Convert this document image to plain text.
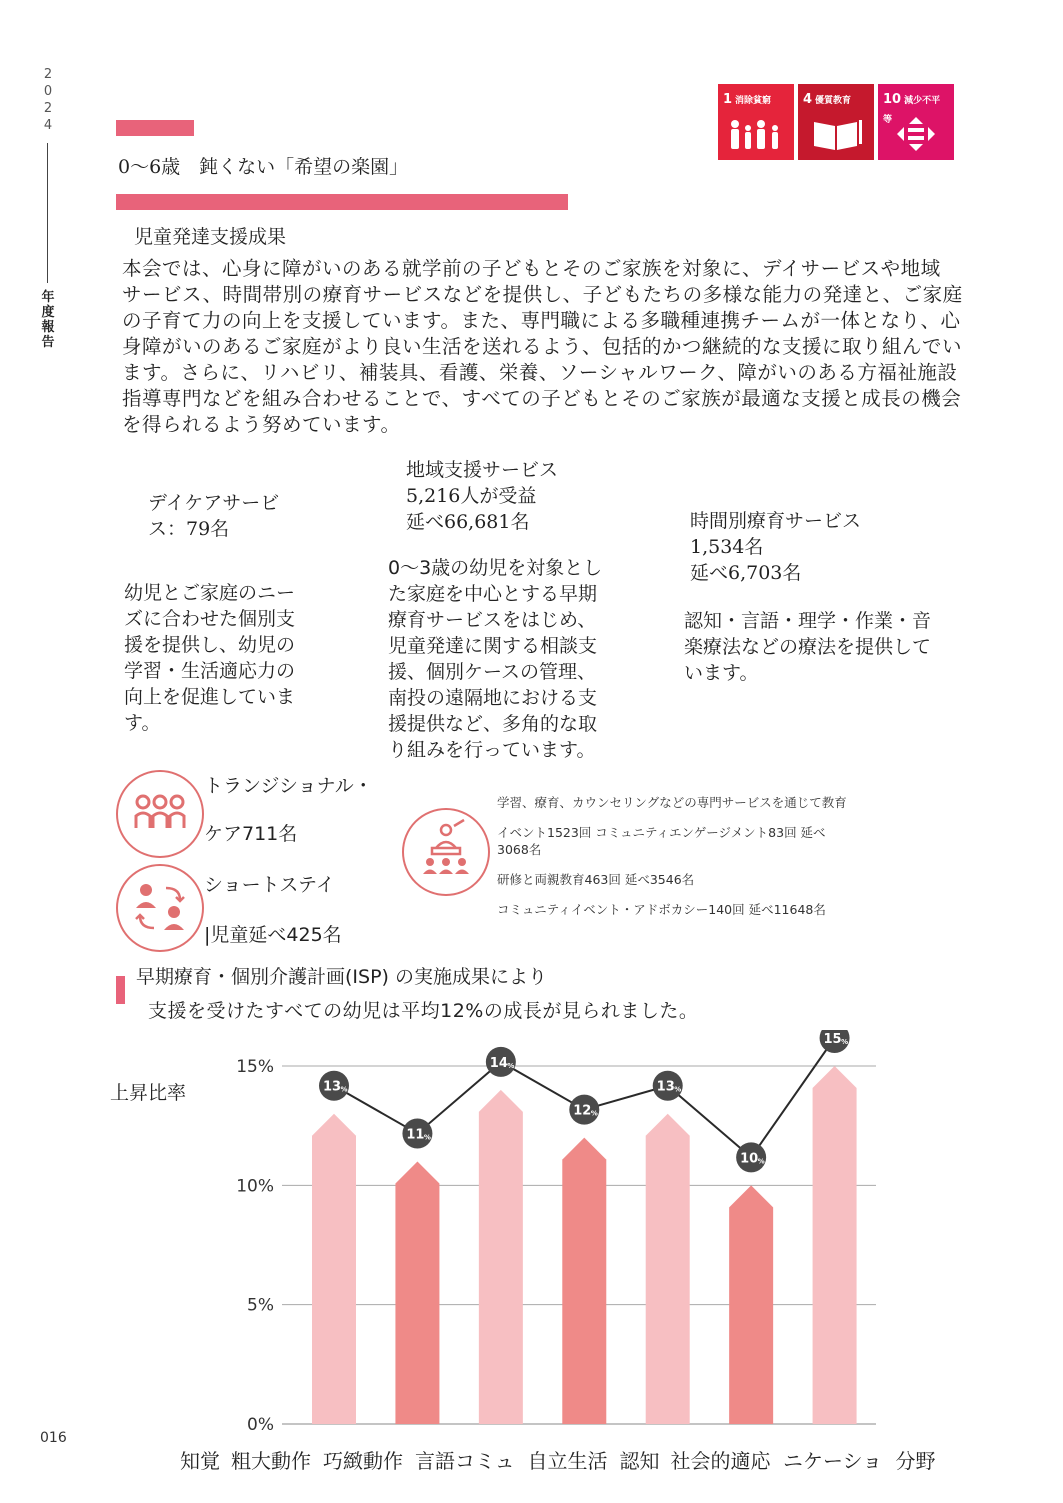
2
0
2
4
年
度
報
告
016
1 消除貧窮	4 優質教育	10 減少不平等
0〜6歳　鈍くない「希望の楽園」
児童発達支援成果
本会では、心身に障がいのある就学前の子どもとそのご家族を対象に、デイサービスや地域
サービス、時間帯別の療育サービスなどを提供し、子どもたちの多様な能力の発達と、ご家庭
の子育て力の向上を支援しています。また、専門職による多職種連携チームが一体となり、心
身障がいのあるご家庭がより良い生活を送れるよう、包括的かつ継続的な支援に取り組んでい
ます。さらに、リハビリ、補装具、看護、栄養、ソーシャルワーク、障がいのある方福祉施設
指導専門などを組み合わせることで、すべての子どもとそのご家族が最適な支援と成長の機会
を得られるよう努めています。
デイケアサービ
ス：79名
幼児とご家庭のニー
ズに合わせた個別支
援を提供し、幼児の
学習・生活適応力の
向上を促進していま
す。
地域支援サービス
5,216人が受益
延べ66,681名
0〜3歳の幼児を対象とし
た家庭を中心とする早期
療育サービスをはじめ、
児童発達に関する相談支
援、個別ケースの管理、
南投の遠隔地における支
援提供など、多角的な取
り組みを行っています。
時間別療育サービス
1,534名
延べ6,703名
認知・言語・理学・作業・音
楽療法などの療法を提供して
います。
トランジショナル・
ケア711名
ショートステイ
|児童延べ425名
学習、療育、カウンセリングなどの専門サービスを通じて教育
イベント1523回 コミュニティエンゲージメント83回 延べ
3068名
研修と両親教育463回 延べ3546名
コミュニティイベント・アドボカシー140回 延べ11648名
早期療育・個別介護計画(ISP) の実施成果により
支援を受けたすべての幼児は平均12%の成長が見られました。
上昇比率
0%
5%
10%
15%
13 %
11 %
14 %
12 %
13 %
10 %
15 %
知覚 粗大動作 巧緻動作 言語コミュ 自立生活 認知 社会的適応 ニケーショ 分野
